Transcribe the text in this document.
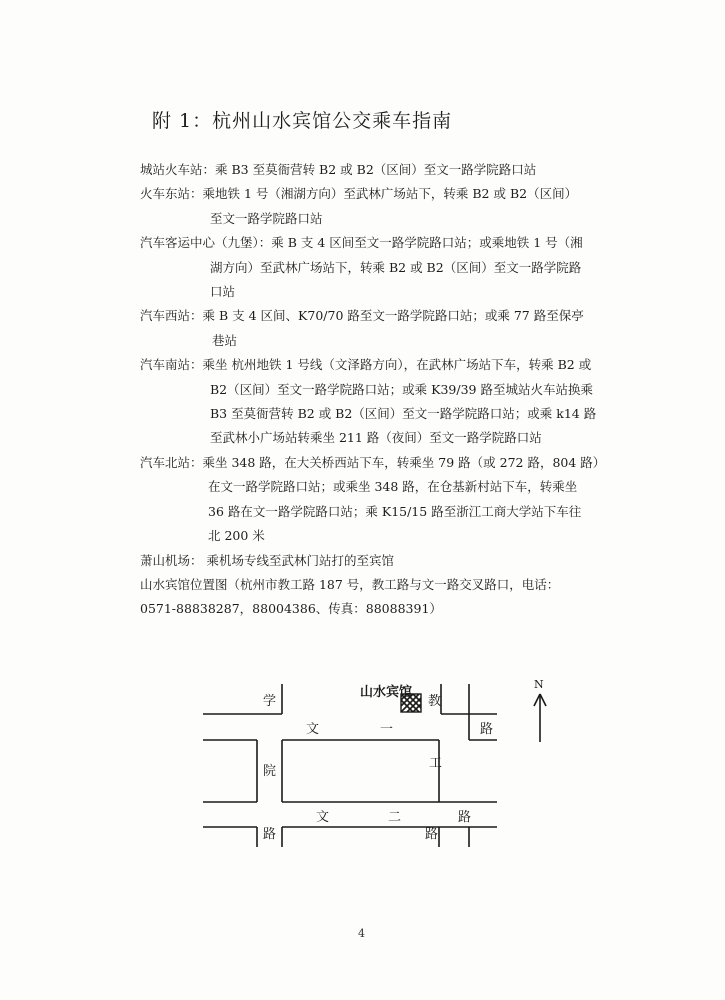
附 1：杭州山水宾馆公交乘车指南
城站火车站：乘 B3 至莫衙营转 B2 或 B2（区间）至文一路学院路口站
火车东站：乘地铁 1 号（湘湖方向）至武林广场站下，转乘 B2 或 B2（区间）
至文一路学院路口站
汽车客运中心（九堡）：乘 B 支 4 区间至文一路学院路口站；或乘地铁 1 号（湘
湖方向）至武林广场站下，转乘 B2 或 B2（区间）至文一路学院路
口站
汽车西站：乘 B 支 4 区间、K70/70 路至文一路学院路口站；或乘 77 路至保亭
巷站
汽车南站：乘坐 杭州地铁 1 号线（文泽路方向），在武林广场站下车，转乘 B2 或
B2（区间）至文一路学院路口站；或乘 K39/39 路至城站火车站换乘
B3 至莫衙营转 B2 或 B2（区间）至文一路学院路口站；或乘 k14 路
至武林小广场站转乘坐 211 路（夜间）至文一路学院路口站
汽车北站：乘坐 348 路，在大关桥西站下车，转乘坐 79 路（或 272 路，804 路）
在文一路学院路口站；或乘坐 348 路，在仓基新村站下车，转乘坐
36 路在文一路学院路口站；乘 K15/15 路至浙江工商大学站下车往
北 200 米
萧山机场： 乘机场专线至武林门站打的至宾馆
山水宾馆位置图（杭州市教工路 187 号，教工路与文一路交叉路口，电话：
0571-88838287，88004386、传真：88088391）
山水宾馆
学
院
路
教
工
路
文	一	路
文	二	路
N
4
